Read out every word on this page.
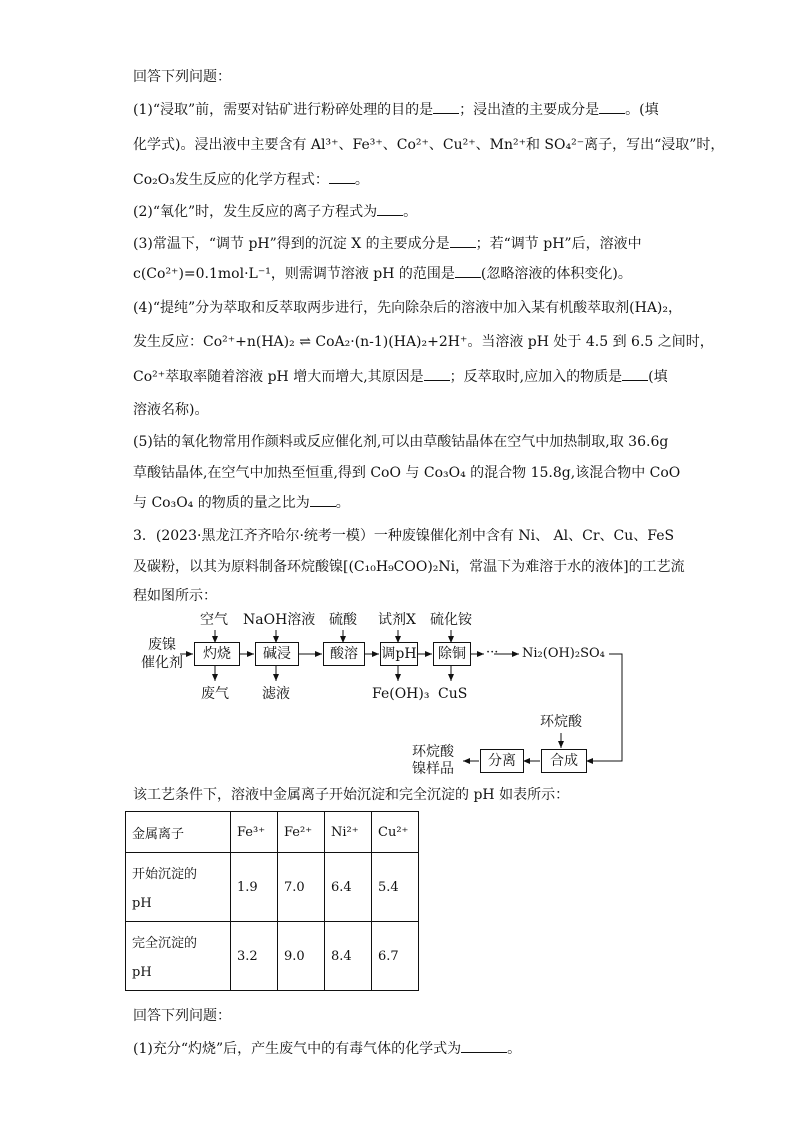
回答下列问题：
(1)“浸取”前，需要对钴矿进行粉碎处理的目的是 ；浸出渣的主要成分是 。(填
化学式)。浸出液中主要含有 Al³⁺、Fe³⁺、Co²⁺、Cu²⁺、Mn²⁺和 SO₄²⁻离子，写出“浸取”时，
Co₂O₃发生反应的化学方程式： 。
(2)“氧化”时，发生反应的离子方程式为 。
(3)常温下，“调节 pH”得到的沉淀 X 的主要成分是 ；若“调节 pH”后，溶液中
c(Co²⁺)=0.1mol·L⁻¹，则需调节溶液 pH 的范围是 (忽略溶液的体积变化)。
(4)“提纯”分为萃取和反萃取两步进行，先向除杂后的溶液中加入某有机酸萃取剂(HA)₂，
发生反应：Co²⁺+n(HA)₂ ⇌ CoA₂·(n-1)(HA)₂+2H⁺。当溶液 pH 处于 4.5 到 6.5 之间时，
Co²⁺萃取率随着溶液 pH 增大而增大,其原因是 ；反萃取时,应加入的物质是 (填
溶液名称)。
(5)钴的氧化物常用作颜料或反应催化剂,可以由草酸钴晶体在空气中加热制取,取 36.6g
草酸钴晶体,在空气中加热至恒重,得到 CoO 与 Co₃O₄ 的混合物 15.8g,该混合物中 CoO
与 Co₃O₄ 的物质的量之比为 。
3．(2023·黑龙江齐齐哈尔·统考一模）一种废镍催化剂中含有 Ni、 Al、Cr、Cu、FeS
及碳粉，以其为原料制备环烷酸镍[(C₁₀H₉COO)₂Ni，常温下为难溶于水的液体]的工艺流
程如图所示：
废镍
催化剂
空气 NaOH溶液 硫酸 试剂X 硫化铵
灼烧	碱浸	酸溶	调pH	除铜	··· Ni₂(OH)₂SO₄
废气 滤液	Fe(OH)₃ CuS
环烷酸
合成
分离
环烷酸
镍样品
该工艺条件下，溶液中金属离子开始沉淀和完全沉淀的 pH 如表所示：
金属离子	Fe³⁺	Fe²⁺	Ni²⁺	Cu²⁺

开始沉淀的
pH	1.9	7.0	6.4	5.4

完全沉淀的
pH	3.2	9.0	8.4	6.7
回答下列问题：
(1)充分“灼烧”后，产生废气中的有毒气体的化学式为	。
